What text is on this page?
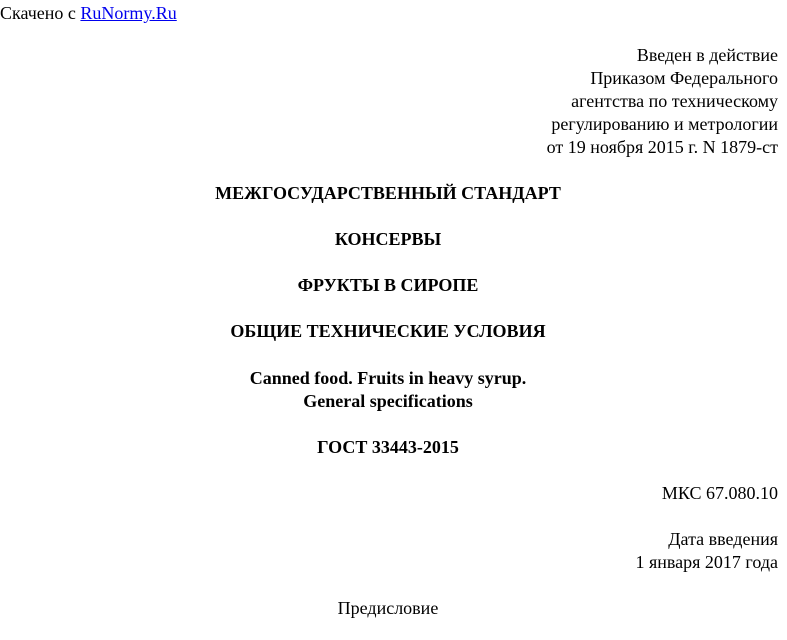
Скачено с RuNormy.Ru

Введен в действие

Приказом Федерального

агентства по техническому

регулированию и метрологии

от 19 ноября 2015 г. N 1879-ст

МЕЖГОСУДАРСТВЕННЫЙ СТАНДАРТ

КОНСЕРВЫ

ФРУКТЫ В СИРОПЕ

ОБЩИЕ ТЕХНИЧЕСКИЕ УСЛОВИЯ

Canned food. Fruits in heavy syrup.

General specifications

ГОСТ 33443-2015

МКС 67.080.10

Дата введения

1 января 2017 года

Предисловие
